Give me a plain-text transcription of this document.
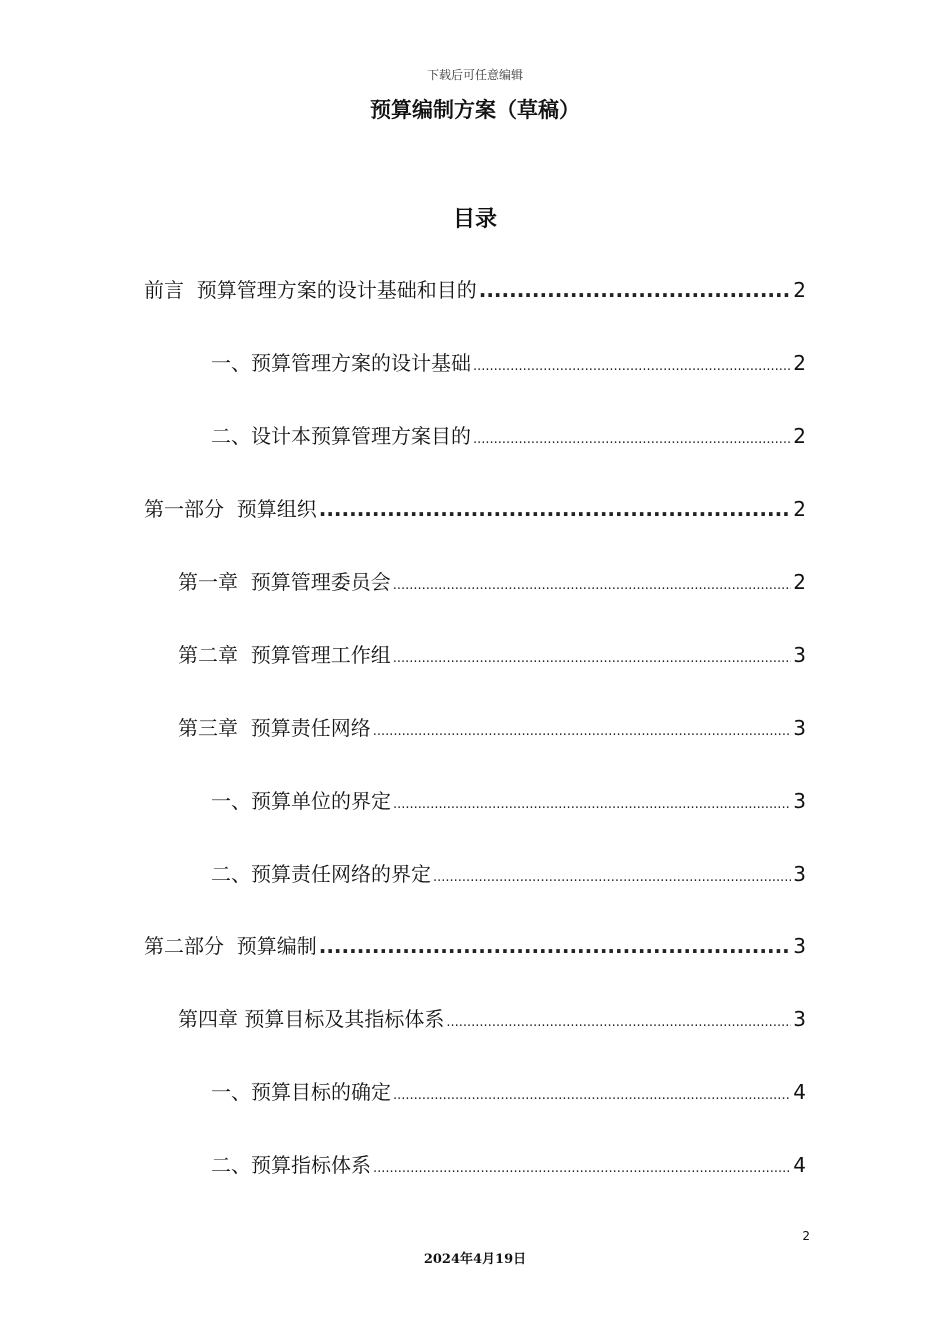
下载后可任意编辑
预算编制方案（草稿）
目录
前言  预算管理方案的设计基础和目的 .....	2
一、预算管理方案的设计基础 .....	2
二、设计本预算管理方案目的 .....	2
第一部分  预算组织 .....	2
第一章  预算管理委员会 .....	2
第二章  预算管理工作组 .....	3
第三章  预算责任网络 .....	3
一、预算单位的界定 .....	3
二、预算责任网络的界定 .....	3
第二部分  预算编制 .....	3
第四章 预算目标及其指标体系 .....	3
一、预算目标的确定 .....	4
二、预算指标体系 .....	4
2
2024年4月19日
